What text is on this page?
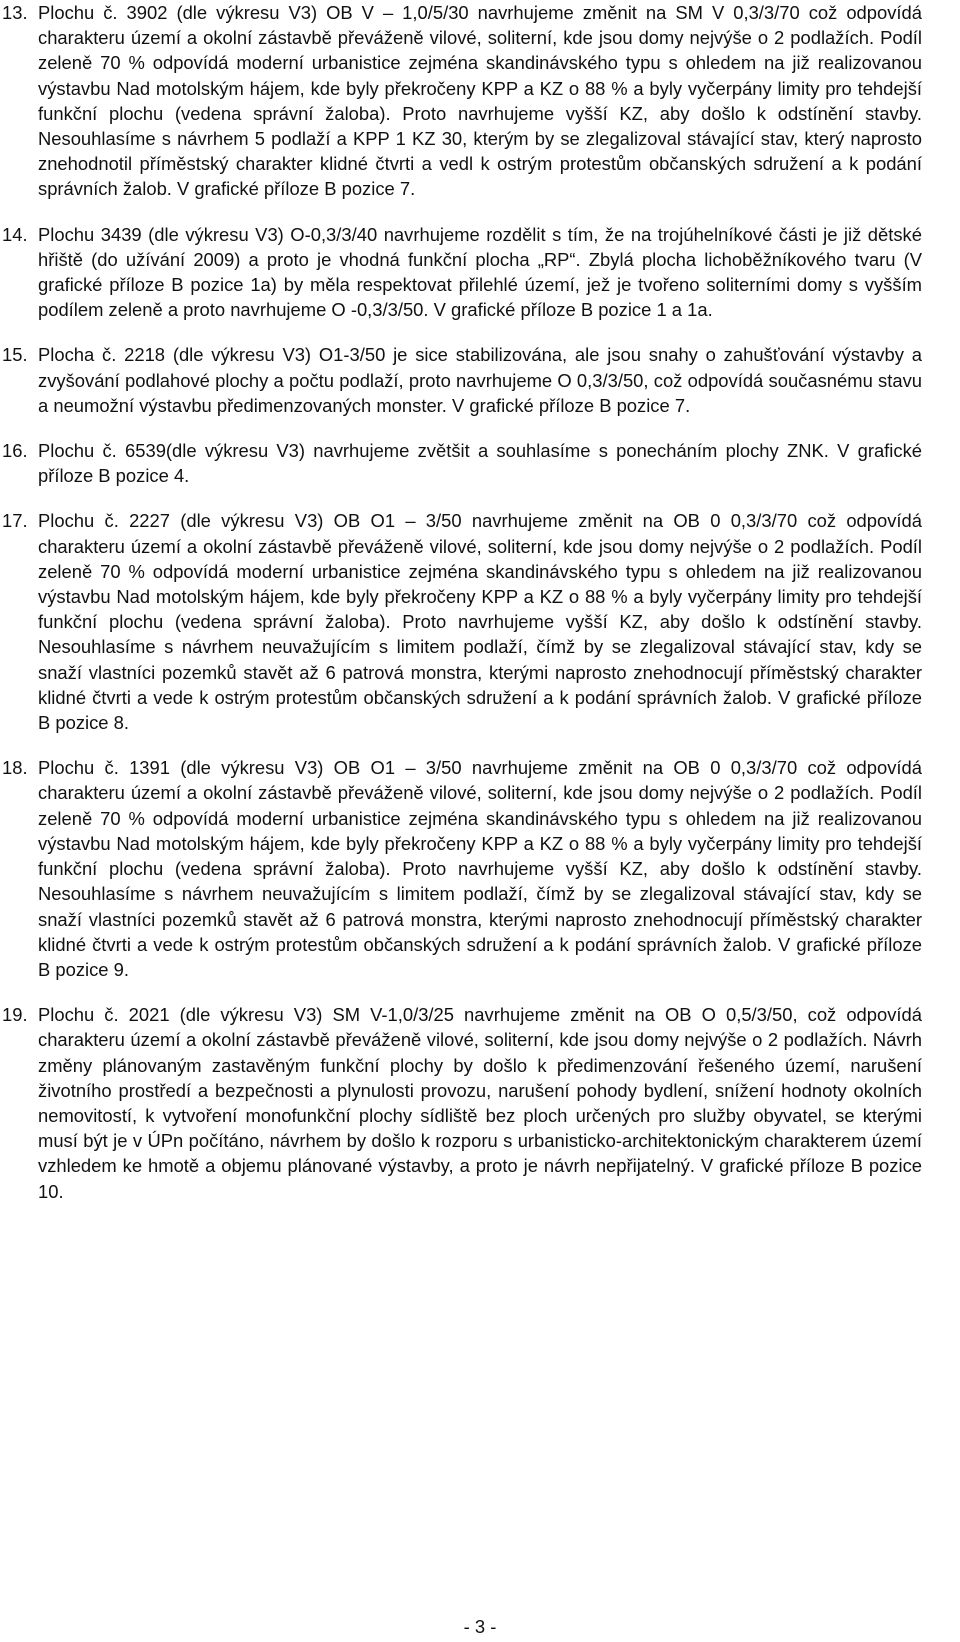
13. Plochu č. 3902 (dle výkresu V3) OB V – 1,0/5/30 navrhujeme změnit na SM V 0,3/3/70 což odpovídá charakteru území a okolní zástavbě převáženě vilové, soliterní, kde jsou domy nejvýše o 2 podlažích. Podíl zeleně 70 % odpovídá moderní urbanistice zejména skandinávského typu s ohledem na již realizovanou výstavbu Nad motolským hájem, kde byly překročeny KPP a KZ o 88 % a byly vyčerpány limity pro tehdejší funkční plochu (vedena správní žaloba). Proto navrhujeme vyšší KZ, aby došlo k odstínění stavby. Nesouhlasíme s návrhem 5 podlaží a KPP 1 KZ 30, kterým by se zlegalizoval stávající stav, který naprosto znehodnotil příměstský charakter klidné čtvrti a vedl k ostrým protestům občanských sdružení a k podání správních žalob. V grafické příloze B pozice 7.
14. Plochu 3439 (dle výkresu V3) O-0,3/3/40 navrhujeme rozdělit s tím, že na trojúhelníkové části je již dětské hřiště (do užívání 2009) a proto je vhodná funkční plocha „RP“. Zbylá plocha lichoběžníkového tvaru (V grafické příloze B pozice 1a) by měla respektovat přilehlé území, jež je tvořeno soliterními domy s vyšším podílem zeleně a proto navrhujeme O -0,3/3/50. V grafické příloze B pozice 1 a 1a.
15. Plocha č. 2218 (dle výkresu V3) O1-3/50 je sice stabilizována, ale jsou snahy o zahušťování výstavby a zvyšování podlahové plochy a počtu podlaží, proto navrhujeme O 0,3/3/50, což odpovídá současnému stavu a neumožní výstavbu předimenzovaných monster. V grafické příloze B pozice 7.
16. Plochu č. 6539(dle výkresu V3) navrhujeme zvětšit a souhlasíme s ponecháním plochy ZNK. V grafické příloze B pozice 4.
17. Plochu č. 2227 (dle výkresu V3) OB O1 – 3/50 navrhujeme změnit na OB 0 0,3/3/70 což odpovídá charakteru území a okolní zástavbě převáženě vilové, soliterní, kde jsou domy nejvýše o 2 podlažích. Podíl zeleně 70 % odpovídá moderní urbanistice zejména skandinávského typu s ohledem na již realizovanou výstavbu Nad motolským hájem, kde byly překročeny KPP a KZ o 88 % a byly vyčerpány limity pro tehdejší funkční plochu (vedena správní žaloba). Proto navrhujeme vyšší KZ, aby došlo k odstínění stavby. Nesouhlasíme s návrhem neuvažujícím s limitem podlaží, čímž by se zlegalizoval stávající stav, kdy se snaží vlastníci pozemků stavět až 6 patrová monstra, kterými naprosto znehodnocují příměstský charakter klidné čtvrti a vede k ostrým protestům občanských sdružení a k podání správních žalob. V grafické příloze B pozice 8.
18. Plochu č. 1391 (dle výkresu V3) OB O1 – 3/50 navrhujeme změnit na OB 0 0,3/3/70 což odpovídá charakteru území a okolní zástavbě převáženě vilové, soliterní, kde jsou domy nejvýše o 2 podlažích. Podíl zeleně 70 % odpovídá moderní urbanistice zejména skandinávského typu s ohledem na již realizovanou výstavbu Nad motolským hájem, kde byly překročeny KPP a KZ o 88 % a byly vyčerpány limity pro tehdejší funkční plochu (vedena správní žaloba). Proto navrhujeme vyšší KZ, aby došlo k odstínění stavby. Nesouhlasíme s návrhem neuvažujícím s limitem podlaží, čímž by se zlegalizoval stávající stav, kdy se snaží vlastníci pozemků stavět až 6 patrová monstra, kterými naprosto znehodnocují příměstský charakter klidné čtvrti a vede k ostrým protestům občanských sdružení a k podání správních žalob. V grafické příloze B pozice 9.
19. Plochu č. 2021 (dle výkresu V3) SM V-1,0/3/25 navrhujeme změnit na OB O 0,5/3/50, což odpovídá charakteru území a okolní zástavbě převáženě vilové, soliterní, kde jsou domy nejvýše o 2 podlažích. Návrh změny plánovaným zastavěným funkční plochy by došlo k předimenzování řešeného území, narušení životního prostředí a bezpečnosti a plynulosti provozu, narušení pohody bydlení, snížení hodnoty okolních nemovitostí, k vytvoření monofunkční plochy sídliště bez ploch určených pro služby obyvatel, se kterými musí být je v ÚPn počítáno, návrhem by došlo k rozporu s urbanisticko-architektonickým charakterem území vzhledem ke hmotě a objemu plánované výstavby, a proto je návrh nepřijatelný. V grafické příloze B pozice 10.
- 3 -
